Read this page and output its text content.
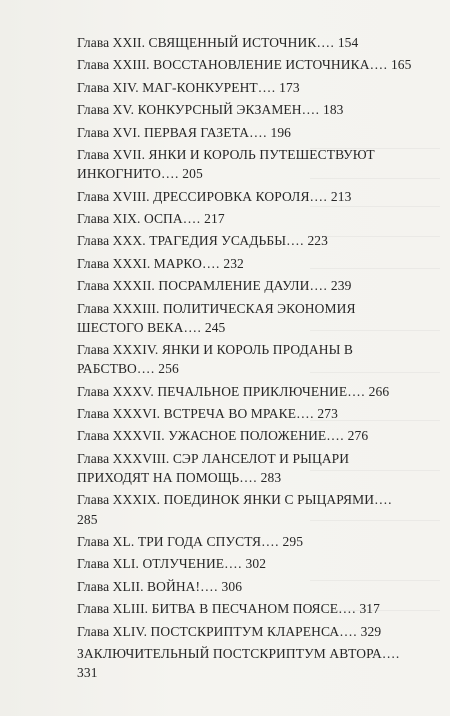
Глава XXII. СВЯЩЕННЫЙ ИСТОЧНИК…. 154
Глава XXIII. ВОССТАНОВЛЕНИЕ ИСТОЧНИКА…. 165
Глава XIV. МАГ-КОНКУРЕНТ…. 173
Глава XV. КОНКУРСНЫЙ ЭКЗАМЕН…. 183
Глава XVI. ПЕРВАЯ ГАЗЕТА…. 196
Глава XVII. ЯНКИ И КОРОЛЬ ПУТЕШЕСТВУЮТ ИНКОГНИТО…. 205
Глава XVIII. ДРЕССИРОВКА КОРОЛЯ…. 213
Глава XIX. ОСПА…. 217
Глава XXX. ТРАГЕДИЯ УСАДЬБЫ…. 223
Глава XXXI. МАРКО…. 232
Глава XXXII. ПОСРАМЛЕНИЕ ДАУЛИ…. 239
Глава XXXIII. ПОЛИТИЧЕСКАЯ ЭКОНОМИЯ ШЕСТОГО ВЕКА…. 245
Глава XXXIV. ЯНКИ И КОРОЛЬ ПРОДАНЫ В РАБСТВО…. 256
Глава XXXV. ПЕЧАЛЬНОЕ ПРИКЛЮЧЕНИЕ…. 266
Глава XXXVI. ВСТРЕЧА ВО МРАКЕ…. 273
Глава XXXVII. УЖАСНОЕ ПОЛОЖЕНИЕ…. 276
Глава XXXVIII. СЭР ЛАНСЕЛОТ И РЫЦАРИ ПРИХОДЯТ НА ПОМОЩЬ…. 283
Глава XXXIX. ПОЕДИНОК ЯНКИ С РЫЦАРЯМИ…. 285
Глава XL. ТРИ ГОДА СПУСТЯ…. 295
Глава XLI. ОТЛУЧЕНИЕ…. 302
Глава XLII. ВОЙНА!…. 306
Глава XLIII. БИТВА В ПЕСЧАНОМ ПОЯСЕ…. 317
Глава XLIV. ПОСТСКРИПТУМ КЛАРЕНСА…. 329
ЗАКЛЮЧИТЕЛЬНЫЙ ПОСТСКРИПТУМ АВТОРА…. 331
